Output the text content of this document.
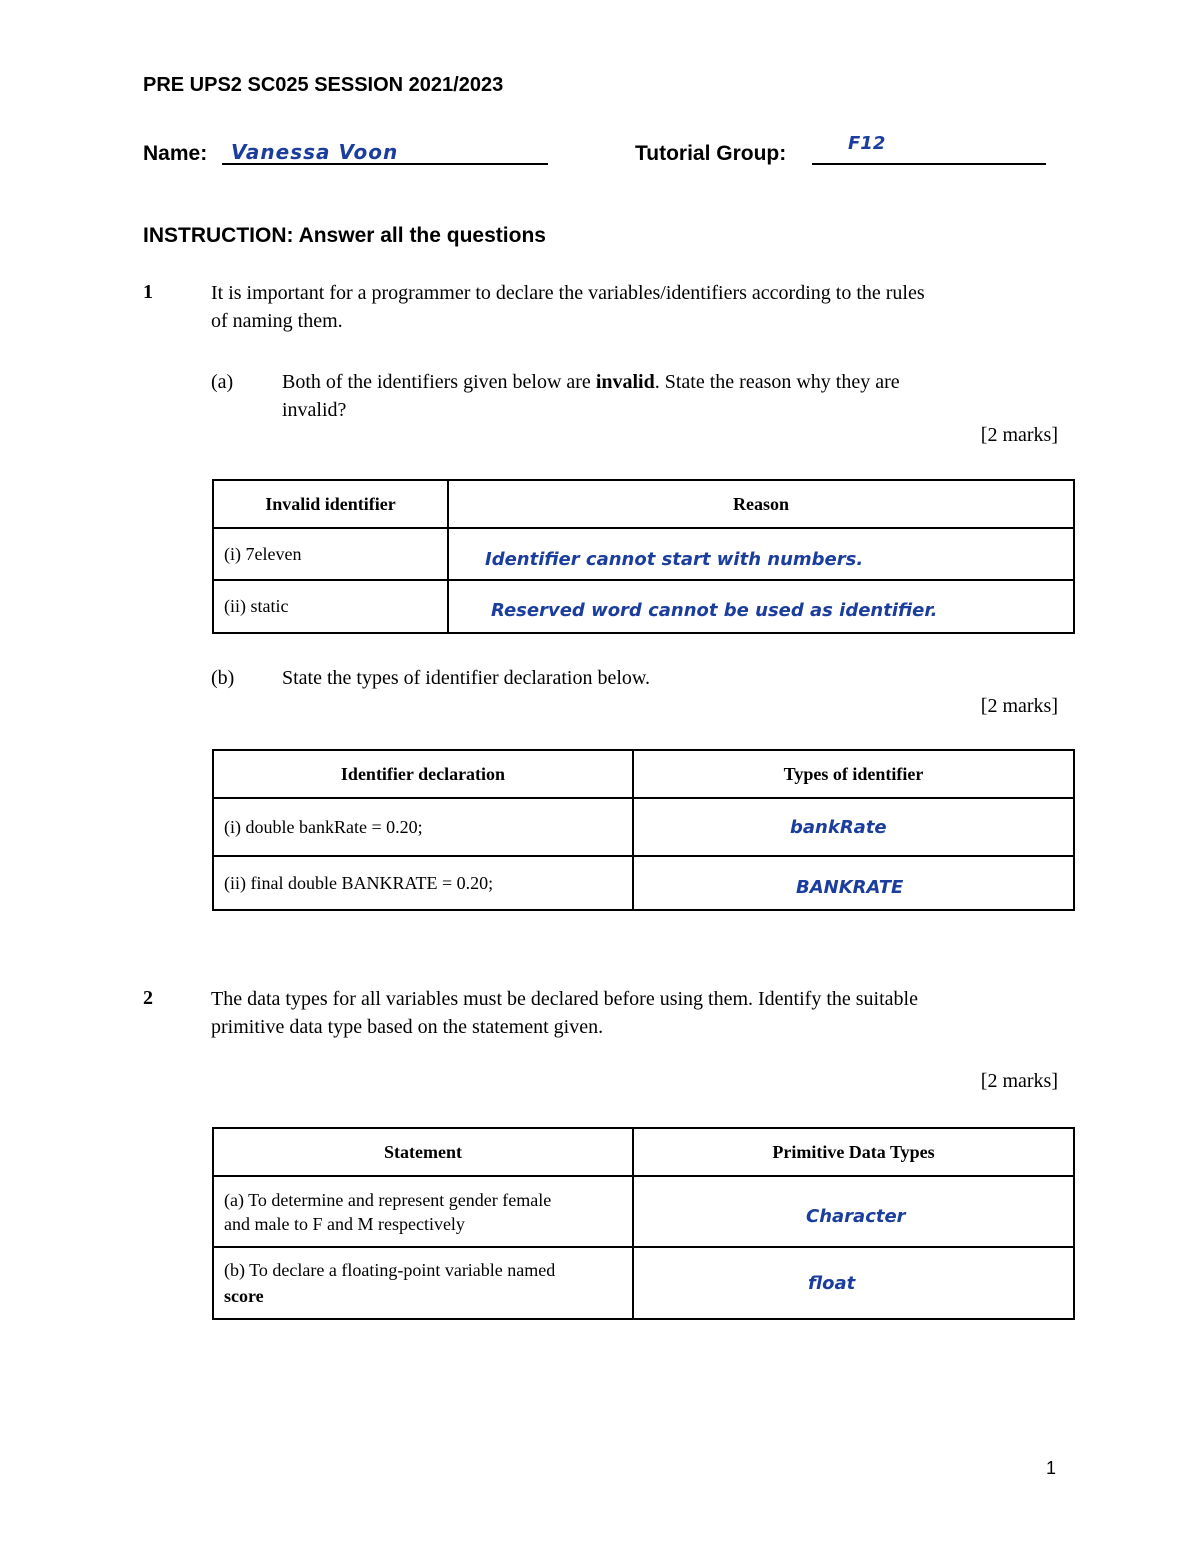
PRE UPS2 SC025 SESSION 2021/2023
Name: Vanessa Voon	Tutorial Group:	F12
INSTRUCTION: Answer all the questions
1	It is important for a programmer to declare the variables/identifiers according to the rules
of naming them.
(a) Both of the identifiers given below are invalid. State the reason why they are
invalid?
[2 marks]
Invalid identifier	Reason
(i) 7eleven	Identifier cannot start with numbers.
(ii) static	Reserved word cannot be used as identifier.
(b) State the types of identifier declaration below.
[2 marks]
Identifier declaration	Types of identifier
(i) double bankRate = 0.20;	bankRate
(ii) final double BANKRATE = 0.20;	BANKRATE
2	The data types for all variables must be declared before using them. Identify the suitable
primitive data type based on the statement given.
[2 marks]
Statement	Primitive Data Types

(a) To determine and represent gender female
and male to F and M respectively	Character

(b) To declare a floating-point variable named
score	float
1
